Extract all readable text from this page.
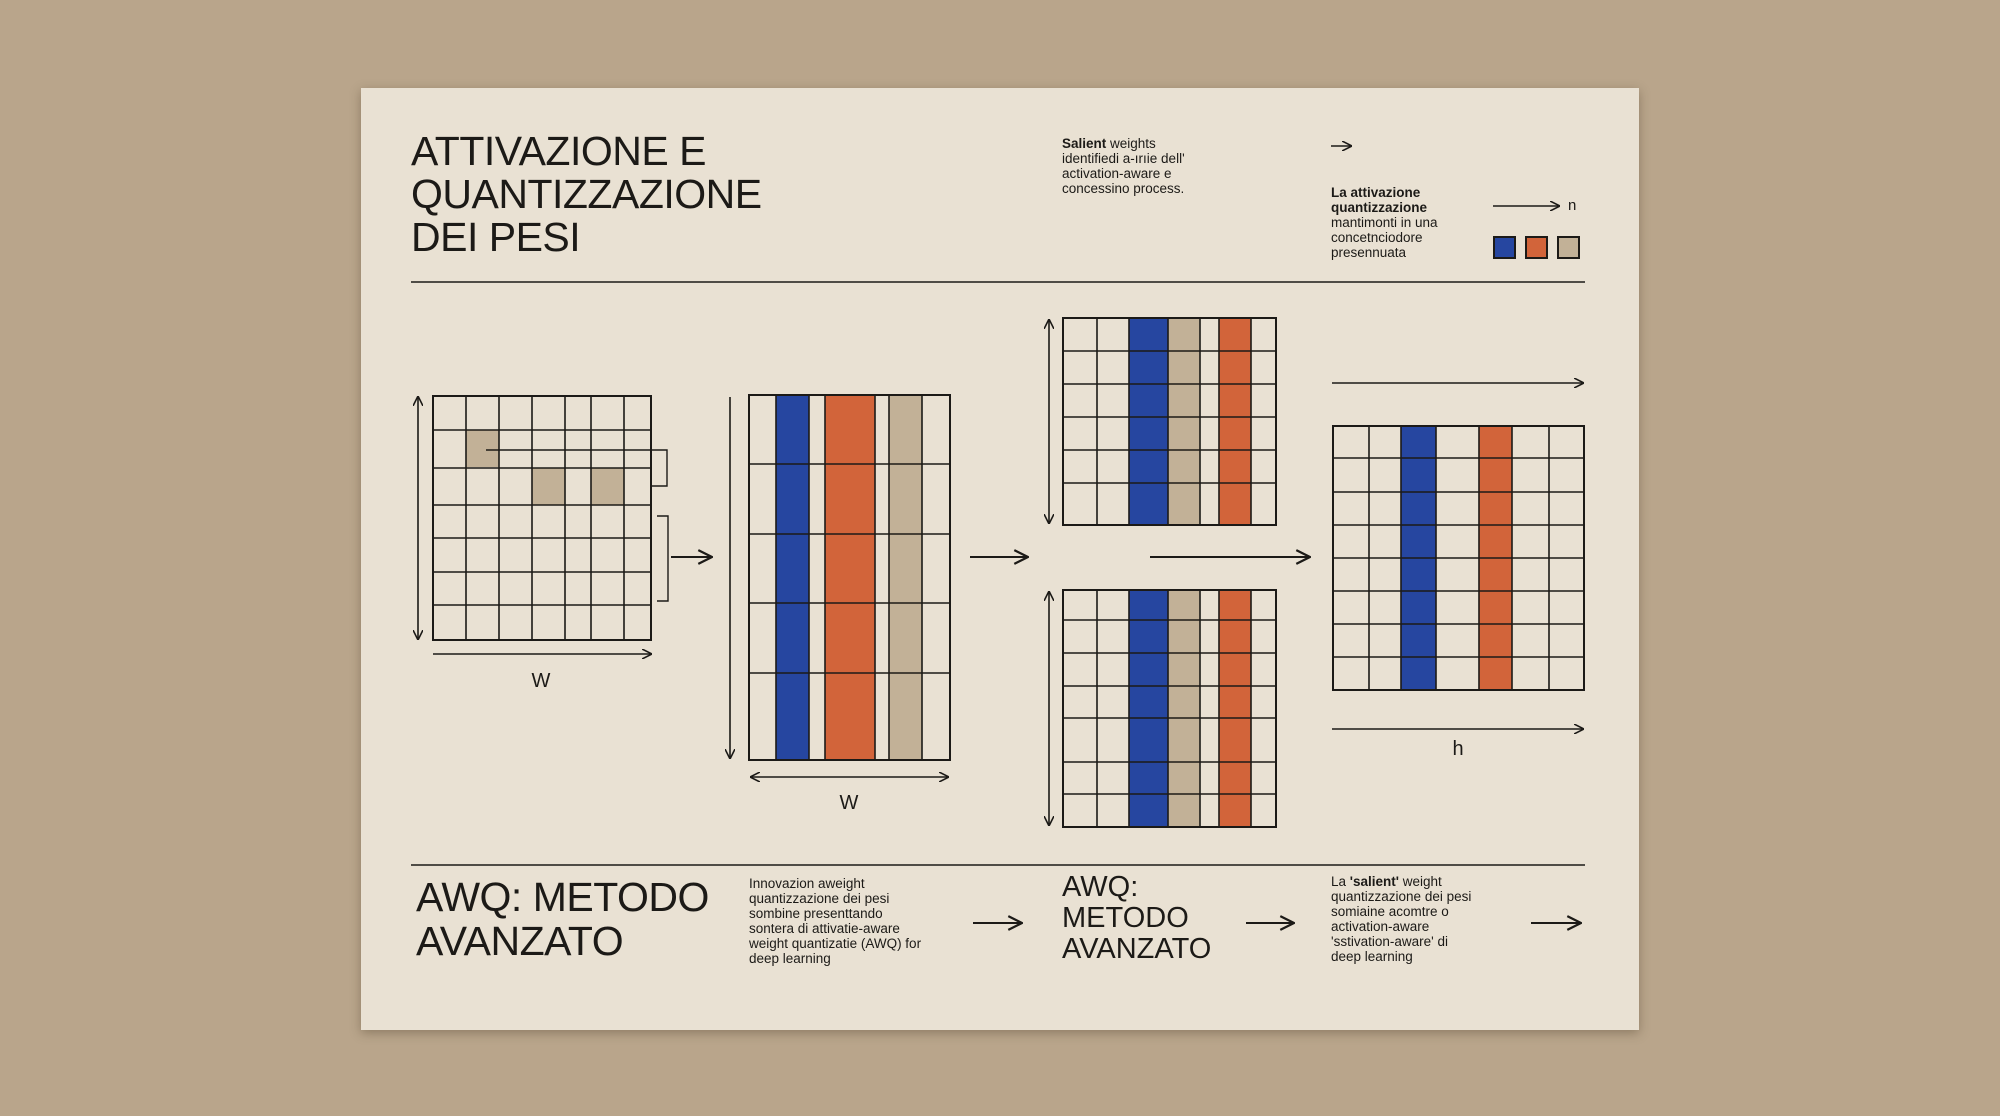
ATTIVAZIONE E
QUANTIZZAZIONE
DEI PESI
Salient weights
identifiedi a-ırıie dell'
activation-aware e
concessino process.	La attivazione
quantizzazione
mantimonti in una
concetnciodore
presennuata
n
W
W
h
AWQ: METODO
AVANZATO
Innovazion aweight
quantizzazione dei pesi
sombine presenttando
sontera di attivatie-aware
weight quantizatie (AWQ) for
deep learning
AWQ:
METODO
AVANZATO
La 'salient' weight
quantizzazione dei pesi
somiaine acomtre o
activation-aware
'sstivation-aware' di
deep learning
